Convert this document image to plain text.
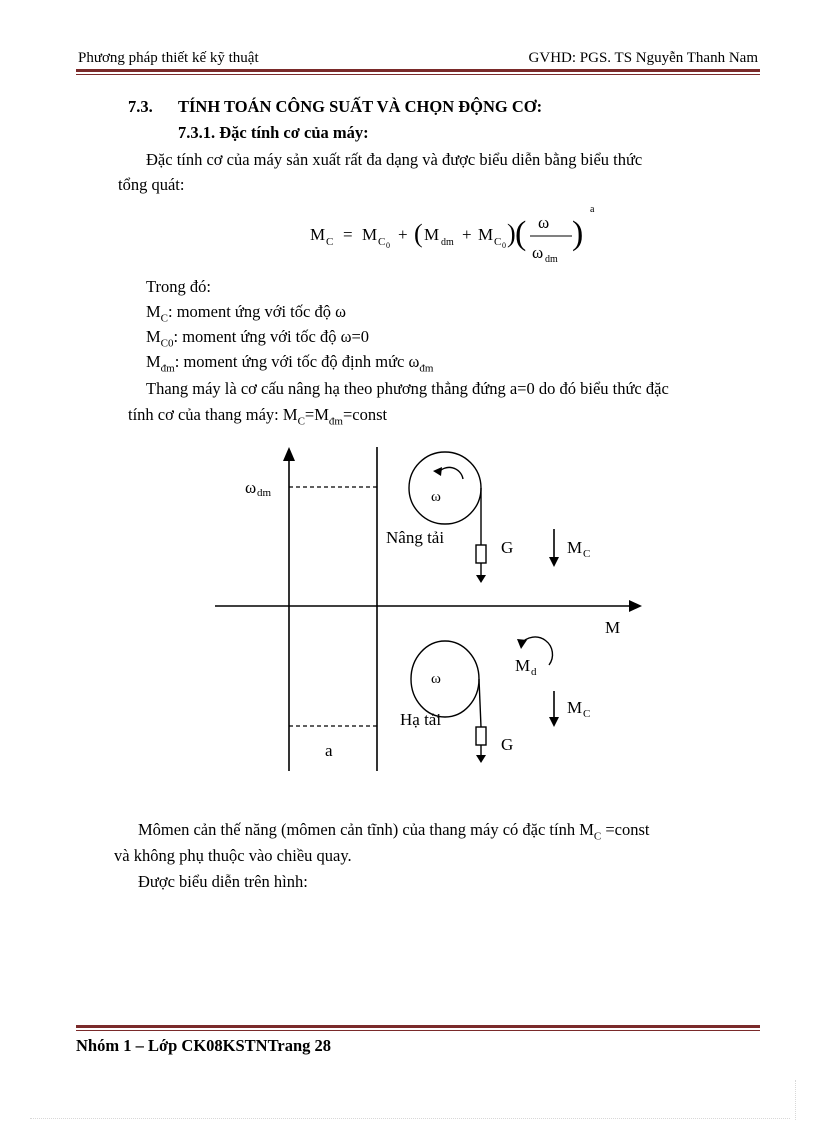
Phương pháp thiết kế kỹ thuật	GVHD: PGS. TS Nguyễn Thanh Nam
7.3. TÍNH TOÁN CÔNG SUẤT VÀ CHỌN ĐỘNG CƠ:
7.3.1. Đặc tính cơ của máy:
Đặc tính cơ của máy sản xuất rất đa dạng và được biểu diễn bằng biểu thức
tổng quát:
M C = M C 0
+ ( M dm + M C 0 ) ( ω
ω dm
)
a
Trong đó:
$M_C$: moment ứng với tốc độ ω
$M_{C0}$: moment ứng với tốc độ ω=0
$M_{đm}$: moment ứng với tốc độ định mức $\omega_{đm}$
Thang máy là cơ cấu nâng hạ theo phương thẳng đứng a=0 do đó biểu thức đặc
tính cơ của thang máy: $M_C=M_{đm}=const$
ω dm	ω
Nâng tải
G	M C
M
ω
M d
M C
Hạ tải
G
a
Mômen cản thế năng (mômen cản tĩnh) của thang máy có đặc tính $M_C$ =const
và không phụ thuộc vào chiều quay.
Được biểu diễn trên hình:
Nhóm 1 – Lớp CK08KSTNTrang 28
